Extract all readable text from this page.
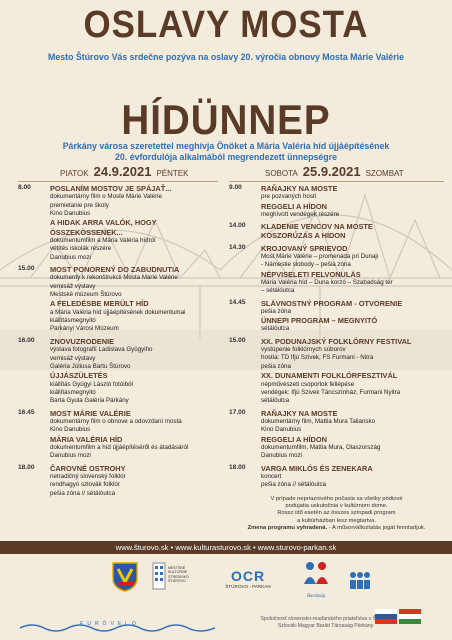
OSLAVY MOSTA
Mesto Štúrovo Vás srdečne pozýva na oslavy 20. výročia obnovy Mosta Márie Valérie
HÍDÜNNEP
Párkány városa szeretettel meghívja Önöket a Mária Valéria híd újjáépítésének
20. évfordulója alkalmából megrendezett ünnepségre
PIATOK 24.9.2021 PÉNTEK	SOBOTA 25.9.2021 SZOMBAT
8.00	POSLANÍM MOSTOV JE SPÁJAŤ...
dokumentárny film o Moste Márie Valérie
premietanie pre školy
Kino Danubius
A HIDAK ARRA VALÓK, HOGY ÖSSZEKÖSSENEK...
dokumentumfilm a Mária Valéria hídról
vetítés iskolák részére
Danubius mozi
15.00 MOST PONORENÝ DO ZABUDNUTIA
dokumenty k rekonštrukcii Mosta Márie Valérie
vernisáž výstavy
Mestské múzeum Štúrovo
A FELEDÉSBE MERÜLT HÍD
a Mária Valéria híd újjáépítésének dokumentumai
kiállításmegnyitó
Párkányi Városi Múzeum
16.00 ZNOVUZRODENIE
výstava fotografií Ladislava Gyügyiho
vernisáž výstavy
Galéria Júliusa Bartu Štúrovo
ÚJJÁSZÜLETÉS
kiállítás Gyügyi László fotóiból
kiállításmegnyitó
Barta Gyula Galéria Párkány
16.45 MOST MÁRIE VALÉRIE
dokumentárny film o obnove a odovzdaní mosta
Kino Danubius
MÁRIA VALÉRIA HÍD
dokumentumfilm a híd újjáépítéséről és átadásáról
Danubius mozi
18.00 ČAROVNÉ OSTROHY
netradičný slovenský folklór
rendhagyó szlovák folklór
pešia zóna // sétálóutca
9.00	RAŇAJKY NA MOSTE
pre pozvaných hostí
REGGELI A HÍDON
meghívott vendégek részére
14.00 KLADENIE VENCOV NA MOSTE
KOSZORÚZÁS A HÍDON
14.30 KROJOVANÝ SPRIEVOD
Most Márie Valérie – promenáda pri Dunaji
- Námestie slobody – pešia zóna
NÉPVISELETI FELVONULÁS
Mária Valéria híd – Duna korzó – Szabadság tér
– sétálóutca
14.45 SLÁVNOSTNÝ PROGRAM - OTVORENIE
pešia zóna
ÜNNEPI PROGRAM – MEGNYITÓ
sétálóutca
15.00 XX. PODUNAJSKÝ FOLKLÓRNY FESTIVAL
vystúpenie folklórnych súborov
hostia: TD Ifjú Szivek, FS Furmani - Nitra
pešia zóna
XX. DUNAMENTI FOLKLÓRFESZTIVÁL
népművészeti csoportok fellépése
vendégek: Ifjú Szivek Táncszínház, Furmani Nyitra
sétálóutca
17.00 RAŇAJKY NA MOSTE
dokumentárny film, Mattia Mura Taliansko
Kino Danubius
REGGELI A HÍDON
dokumentumfilm, Mattia Mura, Olaszország
Danubius mozi
18.00 VARGA MIKLÓS ÉS ZENEKARA
koncert
pešia zóna // sétálóutca
V prípade nepriaznivého počasia sa všetky pódiové
podujatia uskutočnia v kultúrnom dome.
Rossz idő esetén az összes színpadi program
a kultúrházban lesz megtartva.
Zmena programu vyhradená. - A műsorváltoztatás jogát fenntartjuk.
www.šturovo.sk • www.kulturasturovo.sk • www.sturovo-parkan.sk
MESTSKÉ KULTÚRNE STREDISKO ŠTÚROVO	OCR
ŠTÚROVO - PARKAN
Barátság
EURÓVELO
Spoločnosť slovensko-maďarského priateľstva v Štúrove
Szlovák-Magyar Baráti Társaság Párkány
